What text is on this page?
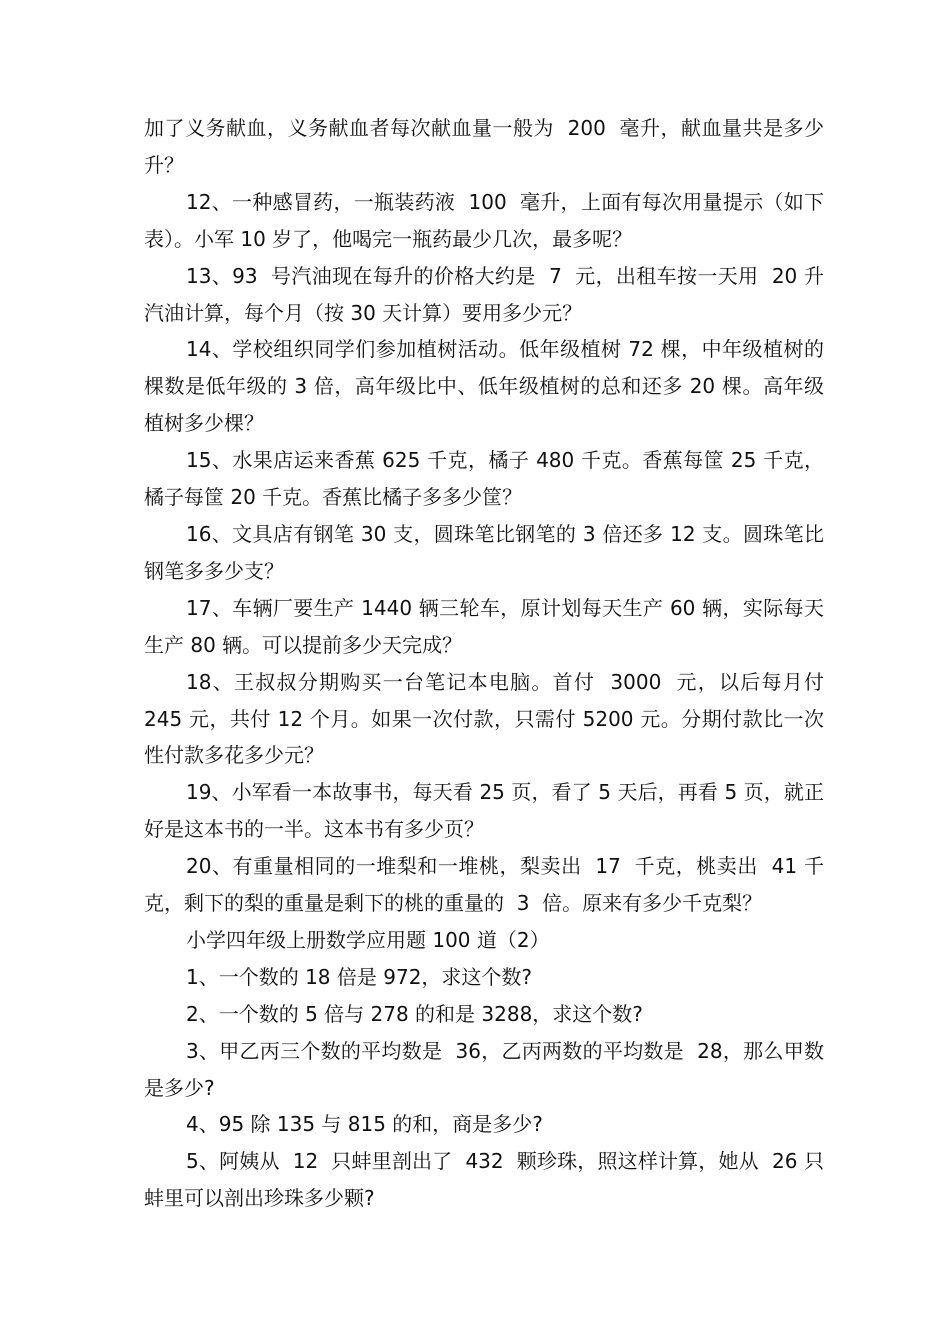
加了义务献血，义务献血者每次献血量一般为  200  毫升，献血量共是多少升？

12、一种感冒药，一瓶装药液  100  毫升，上面有每次用量提示（如下表）。小军 10 岁了，他喝完一瓶药最少几次，最多呢？

13、93  号汽油现在每升的价格大约是  7  元，出租车按一天用  20 升汽油计算，每个月（按 30 天计算）要用多少元？

14、学校组织同学们参加植树活动。低年级植树 72 棵，中年级植树的棵数是低年级的 3 倍，高年级比中、低年级植树的总和还多 20 棵。高年级植树多少棵？

15、水果店运来香蕉 625 千克，橘子 480 千克。香蕉每筐 25 千克，橘子每筐 20 千克。香蕉比橘子多多少筐？

16、文具店有钢笔 30 支，圆珠笔比钢笔的 3 倍还多 12 支。圆珠笔比钢笔多多少支？

17、车辆厂要生产 1440 辆三轮车，原计划每天生产 60 辆，实际每天生产 80 辆。可以提前多少天完成？

18、王叔叔分期购买一台笔记本电脑。首付  3000  元，以后每月付 245 元，共付 12 个月。如果一次付款，只需付 5200 元。分期付款比一次性付款多花多少元？

19、小军看一本故事书，每天看 25 页，看了 5 天后，再看 5 页，就正好是这本书的一半。这本书有多少页？

20、有重量相同的一堆梨和一堆桃，梨卖出  17  千克，桃卖出  41 千克，剩下的梨的重量是剩下的桃的重量的  3  倍。原来有多少千克梨？

小学四年级上册数学应用题 100 道（2）

1、一个数的 18 倍是 972，求这个数?

2、一个数的 5 倍与 278 的和是 3288，求这个数?

3、甲乙丙三个数的平均数是  36，乙丙两数的平均数是  28，那么甲数是多少?

4、95 除 135 与 815 的和，商是多少?

5、阿姨从  12  只蚌里剖出了  432  颗珍珠，照这样计算，她从  26 只蚌里可以剖出珍珠多少颗?
